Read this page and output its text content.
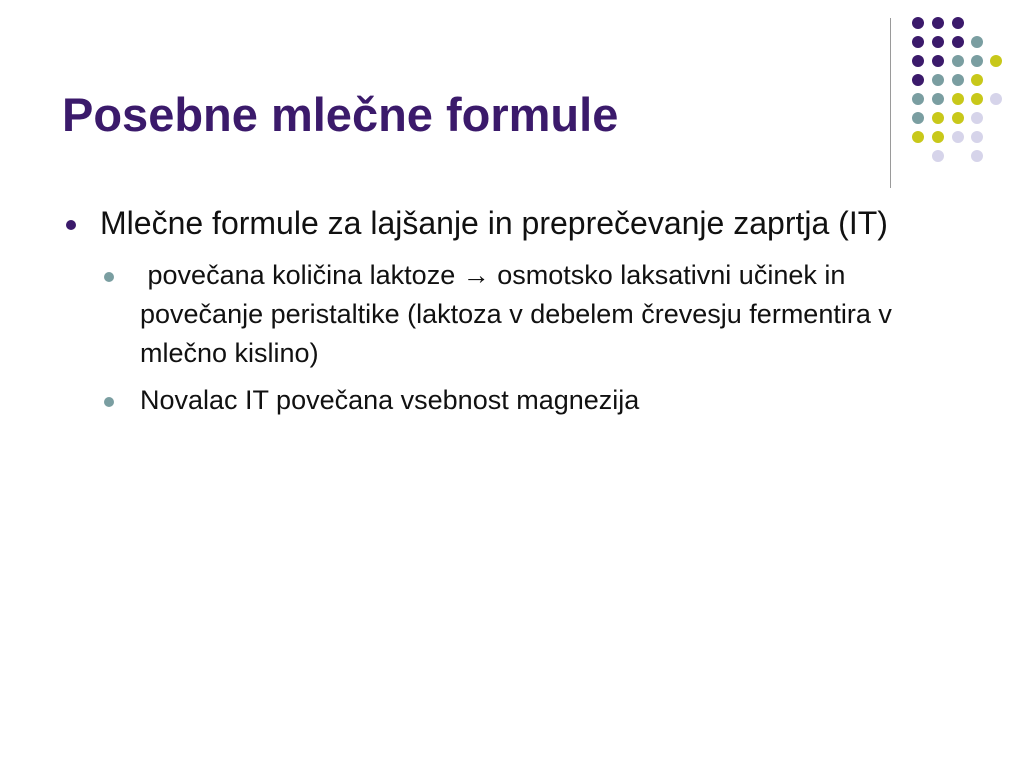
Posebne mlečne formule
Mlečne formule za lajšanje in preprečevanje zaprtja (IT)
povečana količina laktoze → osmotsko laksativni učinek in povečanje peristaltike (laktoza v debelem črevesju fermentira v mlečno kislino)
Novalac IT povečana vsebnost magnezija
